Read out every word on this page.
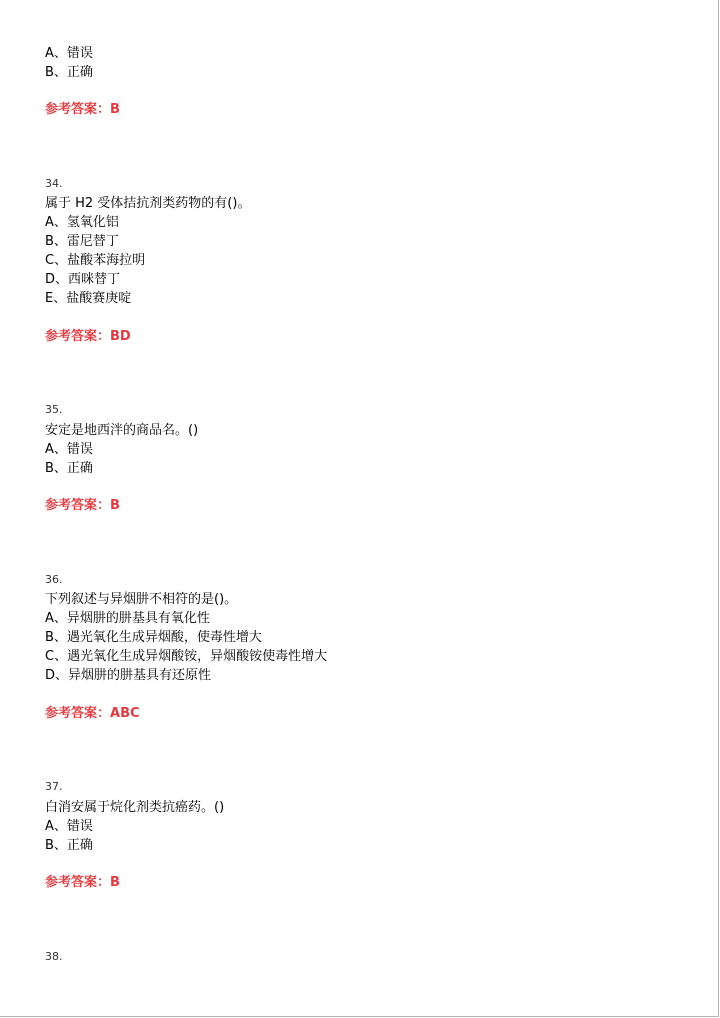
A、错误
B、正确
参考答案：B
34.
属于 H2 受体拮抗剂类药物的有()。
A、氢氧化铝
B、雷尼替丁
C、盐酸苯海拉明
D、西咪替丁
E、盐酸赛庚啶
参考答案：BD
35.
安定是地西泮的商品名。()
A、错误
B、正确
参考答案：B
36.
下列叙述与异烟肼不相符的是()。
A、异烟肼的肼基具有氧化性
B、遇光氧化生成异烟酸，使毒性增大
C、遇光氧化生成异烟酸铵，异烟酸铵使毒性增大
D、异烟肼的肼基具有还原性
参考答案：ABC
37.
白消安属于烷化剂类抗癌药。()
A、错误
B、正确
参考答案：B
38.
